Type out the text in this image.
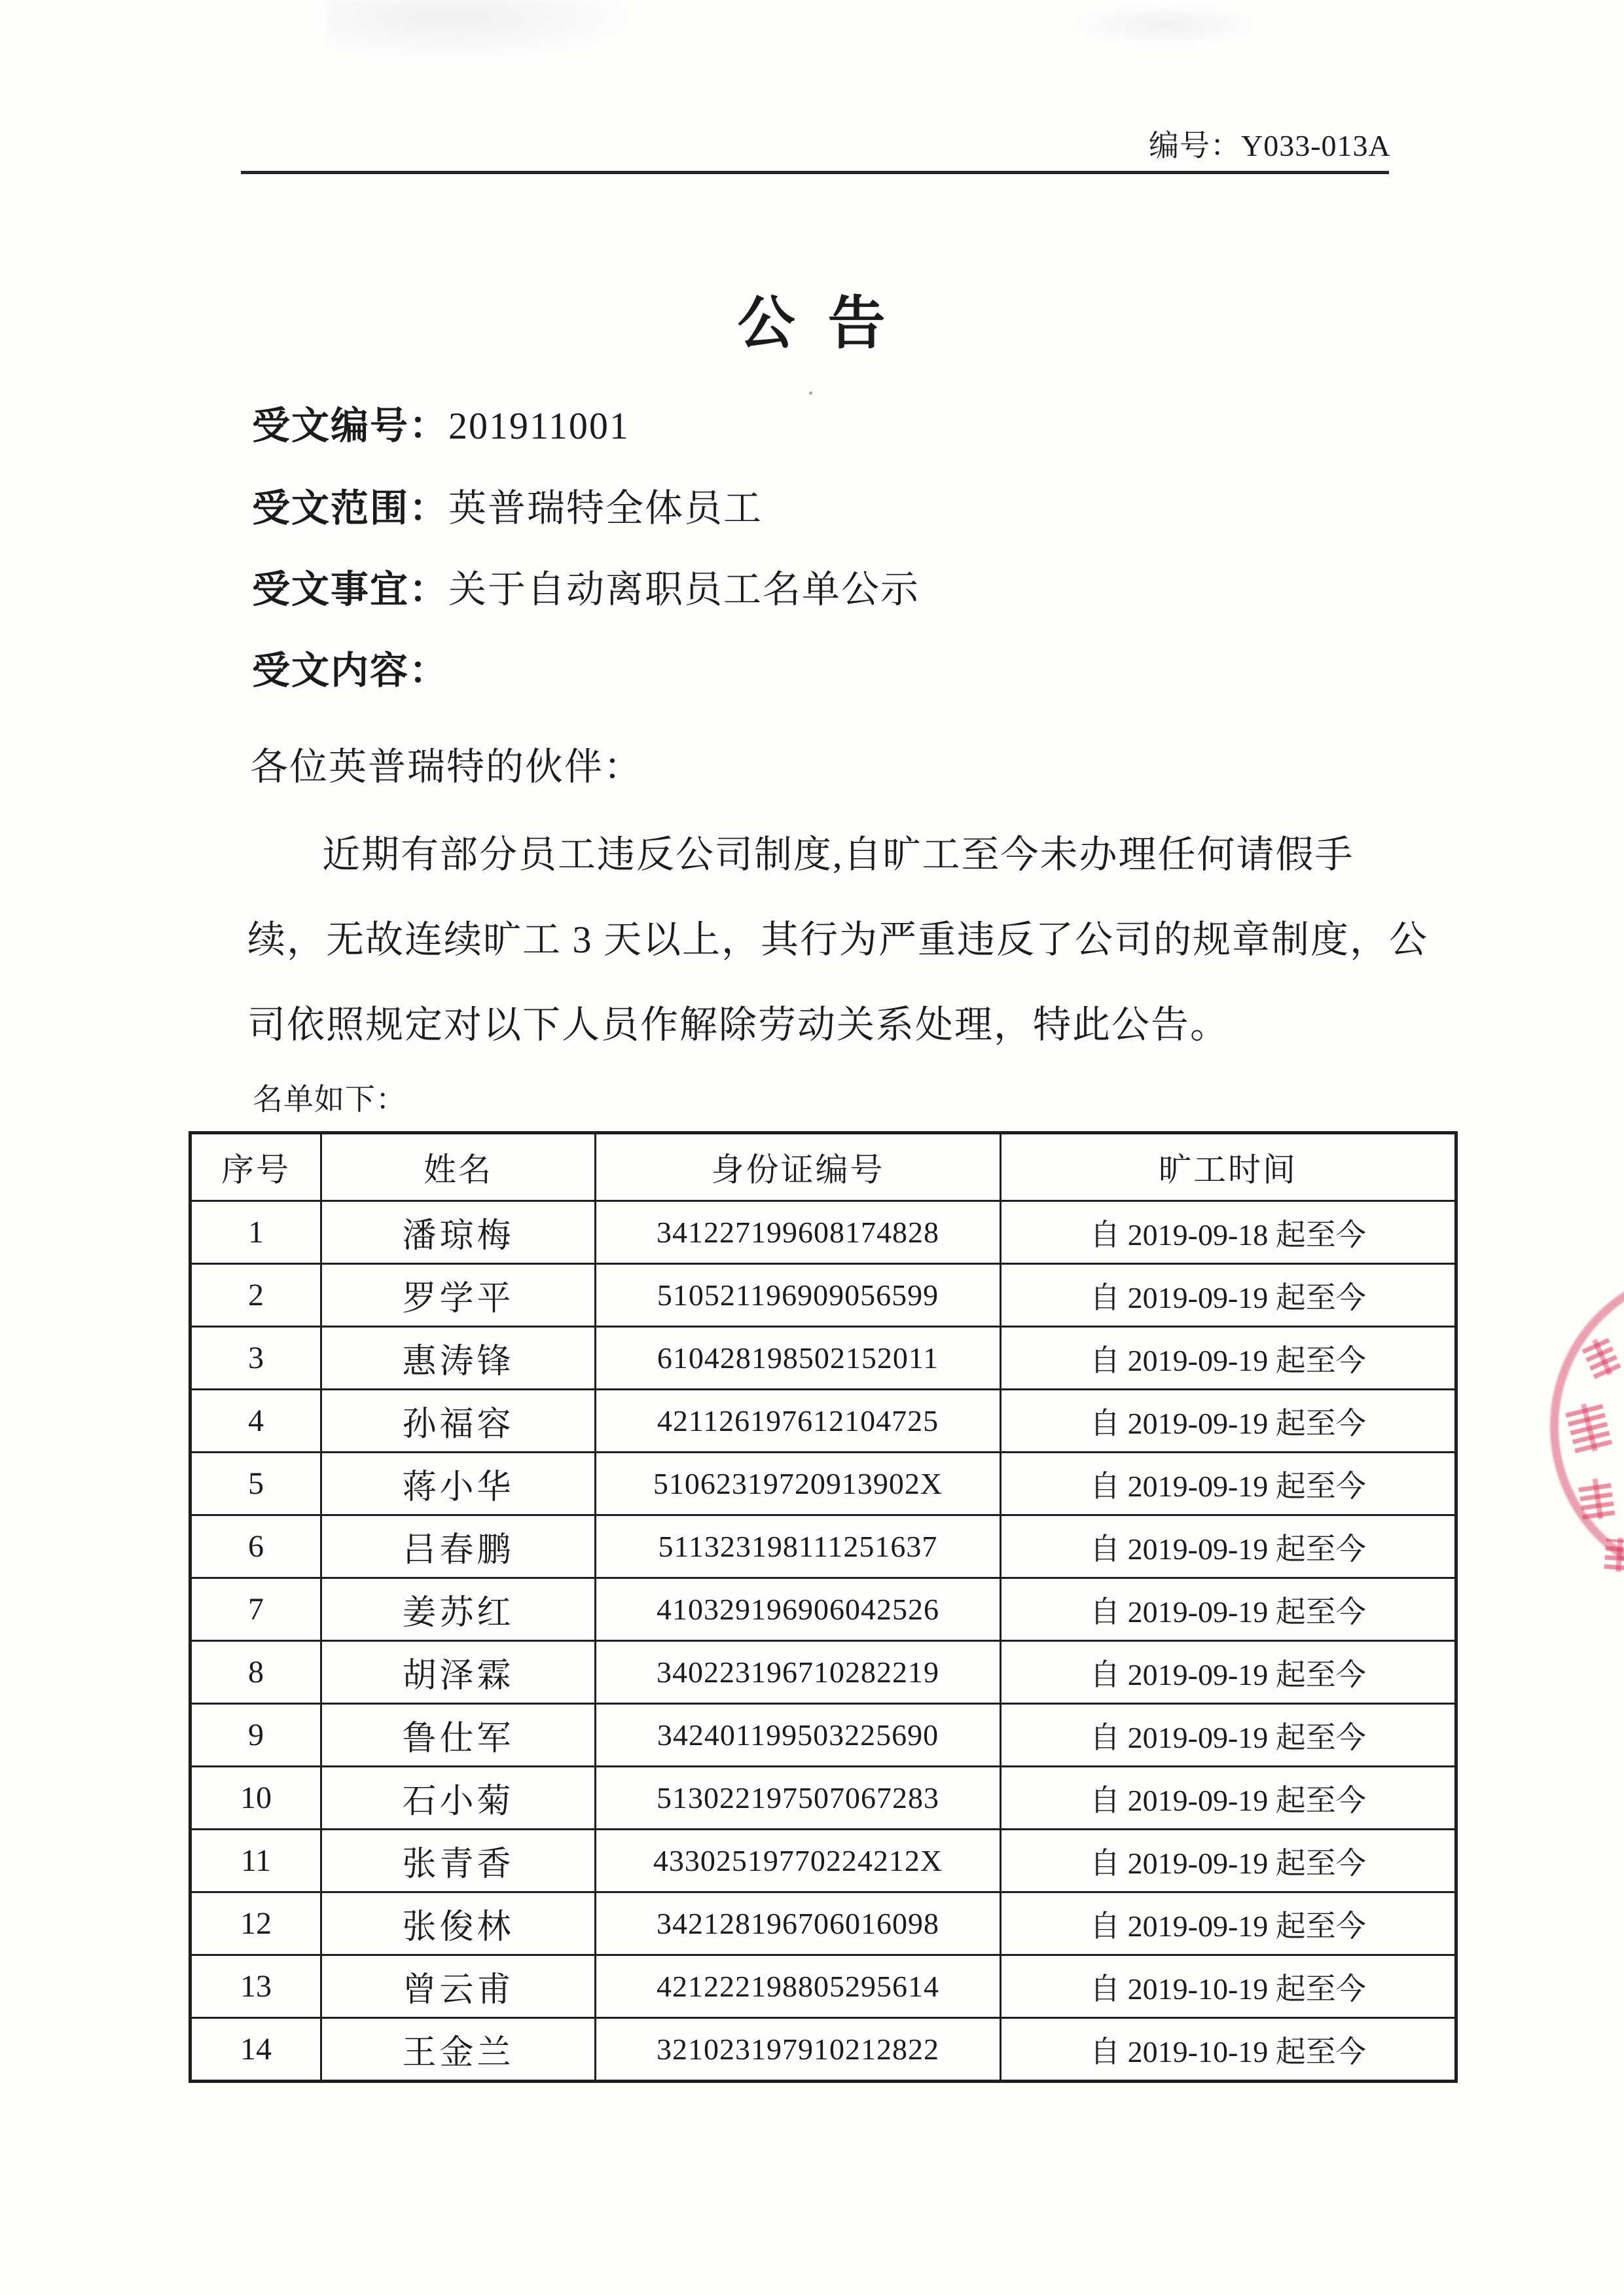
编号：Y033-013A
公 告
受文编号：201911001
受文范围：英普瑞特全体员工
受文事宜：关于自动离职员工名单公示
受文内容：
各位英普瑞特的伙伴：
近期有部分员工违反公司制度,自旷工至今未办理任何请假手
续，无故连续旷工 3 天以上，其行为严重违反了公司的规章制度，公
司依照规定对以下人员作解除劳动关系处理，特此公告。
名单如下：
序号	姓名	身份证编号	旷工时间
1	潘琼梅	341227199608174828	自 2019-09-18 起至今
2	罗学平	510521196909056599	自 2019-09-19 起至今
3	惠涛锋	610428198502152011	自 2019-09-19 起至今
4	孙福容	421126197612104725	自 2019-09-19 起至今
5	蒋小华	51062319720913902X	自 2019-09-19 起至今
6	吕春鹏	511323198111251637	自 2019-09-19 起至今
7	姜苏红	410329196906042526	自 2019-09-19 起至今
8	胡泽霖	340223196710282219	自 2019-09-19 起至今
9	鲁仕军	342401199503225690	自 2019-09-19 起至今
10	石小菊	513022197507067283	自 2019-09-19 起至今
11	张青香	43302519770224212X	自 2019-09-19 起至今
12	张俊林	342128196706016098	自 2019-09-19 起至今
13	曾云甫	421222198805295614	自 2019-10-19 起至今
14	王金兰	321023197910212822	自 2019-10-19 起至今
